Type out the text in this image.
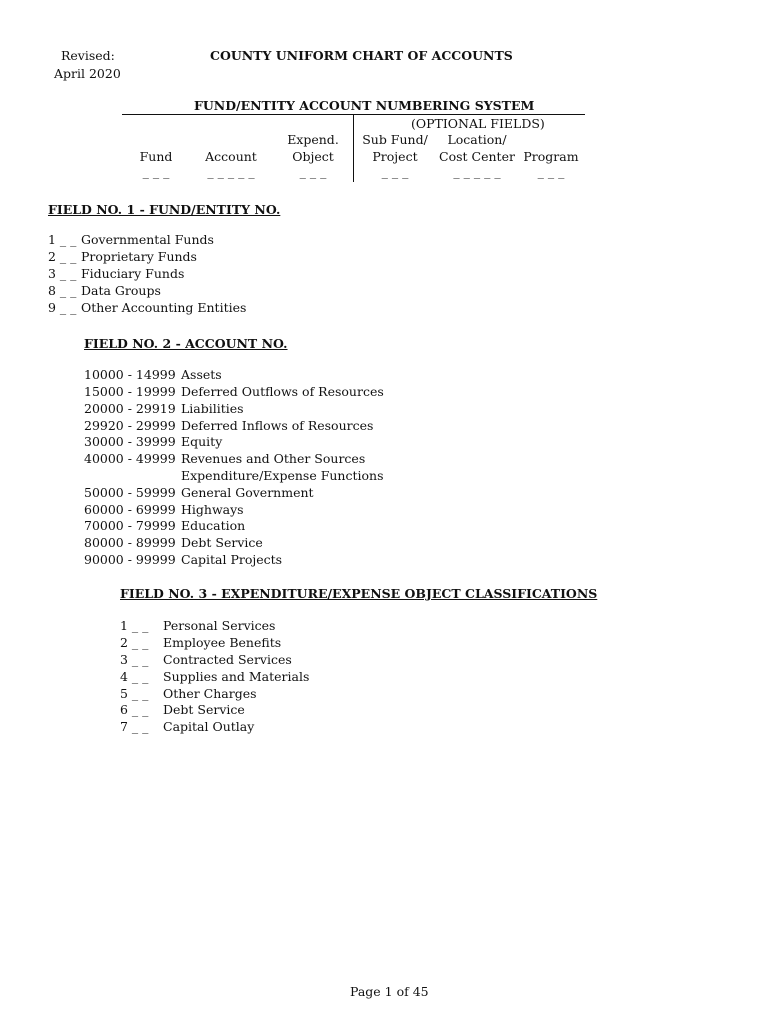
Revised:
April 2020
COUNTY UNIFORM CHART OF ACCOUNTS
FUND/ENTITY ACCOUNT NUMBERING SYSTEM
(OPTIONAL FIELDS)

Fund
_ _ _

Account
_ _ _ _ _
Expend.
Object
_ _ _
Sub Fund/
Project
_ _ _
Location/
Cost Center
_ _ _ _ _

Program
_ _ _
FIELD NO. 1 - FUND/ENTITY NO.
1 _ _ Governmental Funds
2 _ _ Proprietary Funds
3 _ _ Fiduciary Funds
8 _ _ Data Groups
9 _ _ Other Accounting Entities
FIELD NO. 2 - ACCOUNT NO.
10000 - 14999 Assets
15000 - 19999 Deferred Outflows of Resources
20000 - 29919 Liabilities
29920 - 29999 Deferred Inflows of Resources
30000 - 39999 Equity
40000 - 49999 Revenues and Other Sources
Expenditure/Expense Functions
50000 - 59999 General Government
60000 - 69999 Highways
70000 - 79999 Education
80000 - 89999 Debt Service
90000 - 99999 Capital Projects
FIELD NO. 3 - EXPENDITURE/EXPENSE OBJECT CLASSIFICATIONS
1 _ _ Personal Services
2 _ _ Employee Benefits
3 _ _ Contracted Services
4 _ _ Supplies and Materials
5 _ _ Other Charges
6 _ _ Debt Service
7 _ _ Capital Outlay
Page 1 of 45
